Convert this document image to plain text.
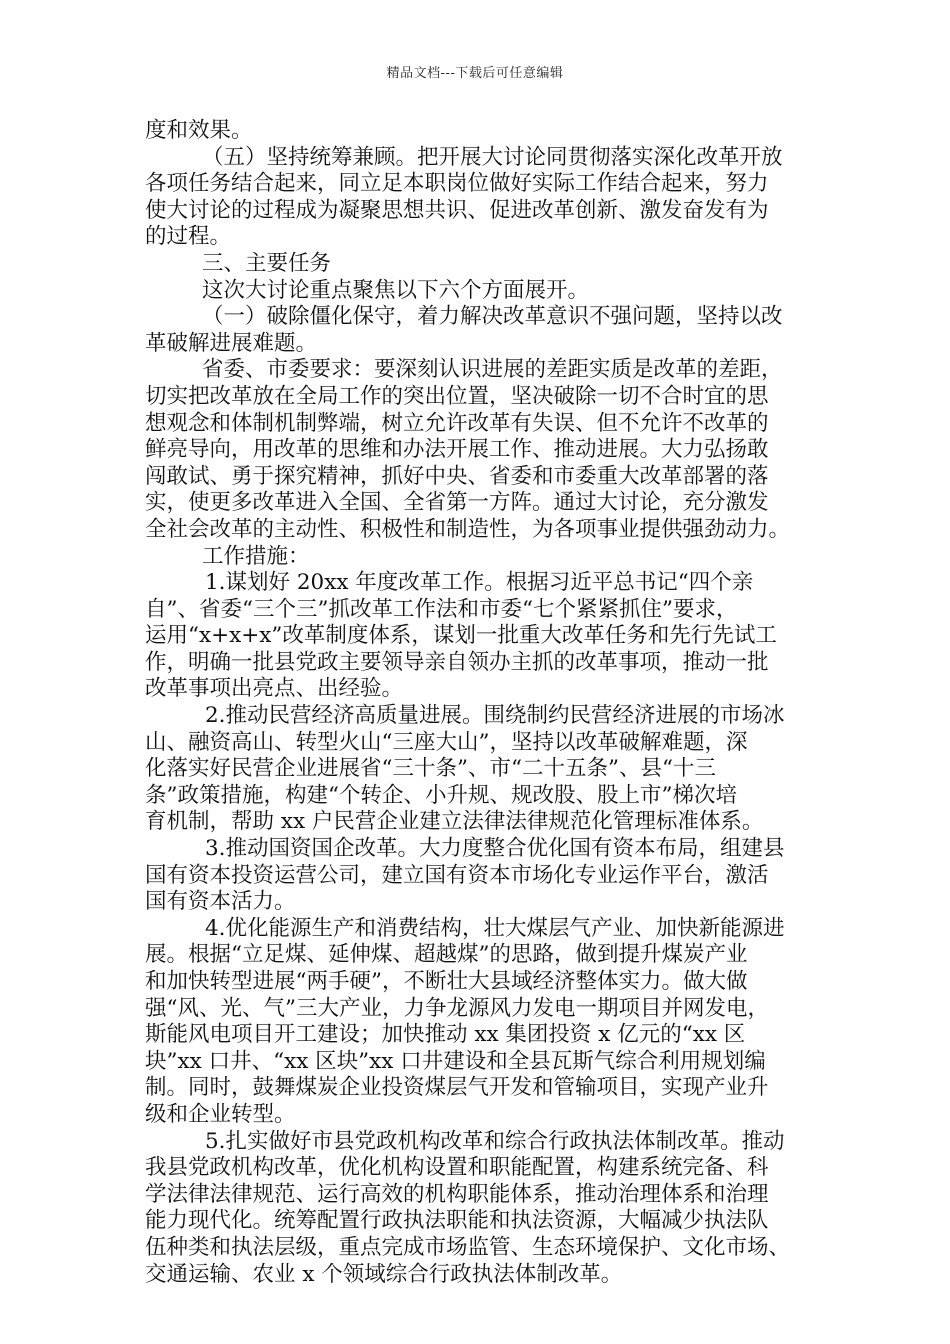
精品文档---下载后可任意编辑
度和效果。
（五）坚持统筹兼顾。把开展大讨论同贯彻落实深化改革开放
各项任务结合起来，同立足本职岗位做好实际工作结合起来，努力
使大讨论的过程成为凝聚思想共识、促进改革创新、激发奋发有为
的过程。
三、主要任务
这次大讨论重点聚焦以下六个方面展开。
（一）破除僵化保守，着力解决改革意识不强问题，坚持以改
革破解进展难题。
省委、市委要求：要深刻认识进展的差距实质是改革的差距，
切实把改革放在全局工作的突出位置，坚决破除一切不合时宜的思
想观念和体制机制弊端，树立允许改革有失误、但不允许不改革的
鲜亮导向，用改革的思维和办法开展工作、推动进展。大力弘扬敢
闯敢试、勇于探究精神，抓好中央、省委和市委重大改革部署的落
实，使更多改革进入全国、全省第一方阵。通过大讨论，充分激发
全社会改革的主动性、积极性和制造性，为各项事业提供强劲动力。
工作措施：
1.谋划好 20xx 年度改革工作。根据习近平总书记“四个亲
自”、省委“三个三”抓改革工作法和市委“七个紧紧抓住”要求，
运用“x+x+x”改革制度体系，谋划一批重大改革任务和先行先试工
作，明确一批县党政主要领导亲自领办主抓的改革事项，推动一批
改革事项出亮点、出经验。
2.推动民营经济高质量进展。围绕制约民营经济进展的市场冰
山、融资高山、转型火山“三座大山”，坚持以改革破解难题，深
化落实好民营企业进展省“三十条”、市“二十五条”、县“十三
条”政策措施，构建“个转企、小升规、规改股、股上市”梯次培
育机制，帮助 xx 户民营企业建立法律法律规范化管理标准体系。
3.推动国资国企改革。大力度整合优化国有资本布局，组建县
国有资本投资运营公司，建立国有资本市场化专业运作平台，激活
国有资本活力。
4.优化能源生产和消费结构，壮大煤层气产业、加快新能源进
展。根据“立足煤、延伸煤、超越煤”的思路，做到提升煤炭产业
和加快转型进展“两手硬”，不断壮大县域经济整体实力。做大做
强“风、光、气”三大产业，力争龙源风力发电一期项目并网发电，
斯能风电项目开工建设；加快推动 xx 集团投资 x 亿元的“xx 区
块”xx 口井、“xx 区块”xx 口井建设和全县瓦斯气综合利用规划编
制。同时，鼓舞煤炭企业投资煤层气开发和管输项目，实现产业升
级和企业转型。
5.扎实做好市县党政机构改革和综合行政执法体制改革。推动
我县党政机构改革，优化机构设置和职能配置，构建系统完备、科
学法律法律规范、运行高效的机构职能体系，推动治理体系和治理
能力现代化。统筹配置行政执法职能和执法资源，大幅减少执法队
伍种类和执法层级，重点完成市场监管、生态环境保护、文化市场、
交通运输、农业 x 个领域综合行政执法体制改革。
